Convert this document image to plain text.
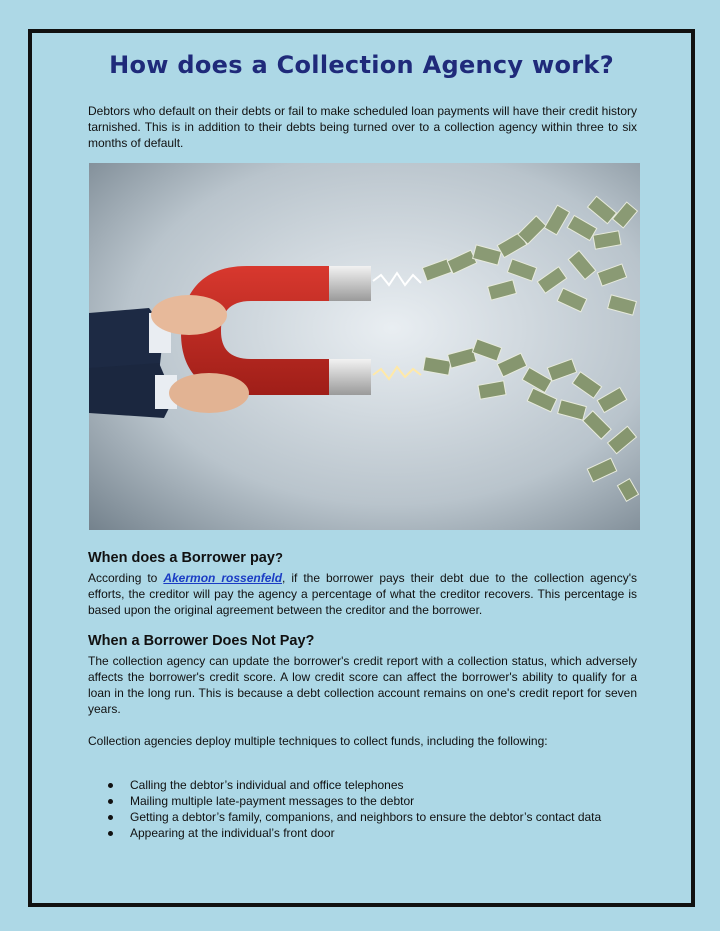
How does a Collection Agency work?
Debtors who default on their debts or fail to make scheduled loan payments will have their credit history tarnished. This is in addition to their debts being turned over to a collection agency within three to six months of default.
When does a Borrower pay?
According to Akermon rossenfeld, if the borrower pays their debt due to the collection agency's efforts, the creditor will pay the agency a percentage of what the creditor recovers. This percentage is based upon the original agreement between the creditor and the borrower.
When a Borrower Does Not Pay?
The collection agency can update the borrower's credit report with a collection status, which adversely affects the borrower's credit score. A low credit score can affect the borrower's ability to qualify for a loan in the long run. This is because a debt collection account remains on one's credit report for seven years.
Collection agencies deploy multiple techniques to collect funds, including the following:
Calling the debtor’s individual and office telephones
Mailing multiple late-payment messages to the debtor
Getting a debtor’s family, companions, and neighbors to ensure the debtor’s contact data
Appearing at the individual’s front door
